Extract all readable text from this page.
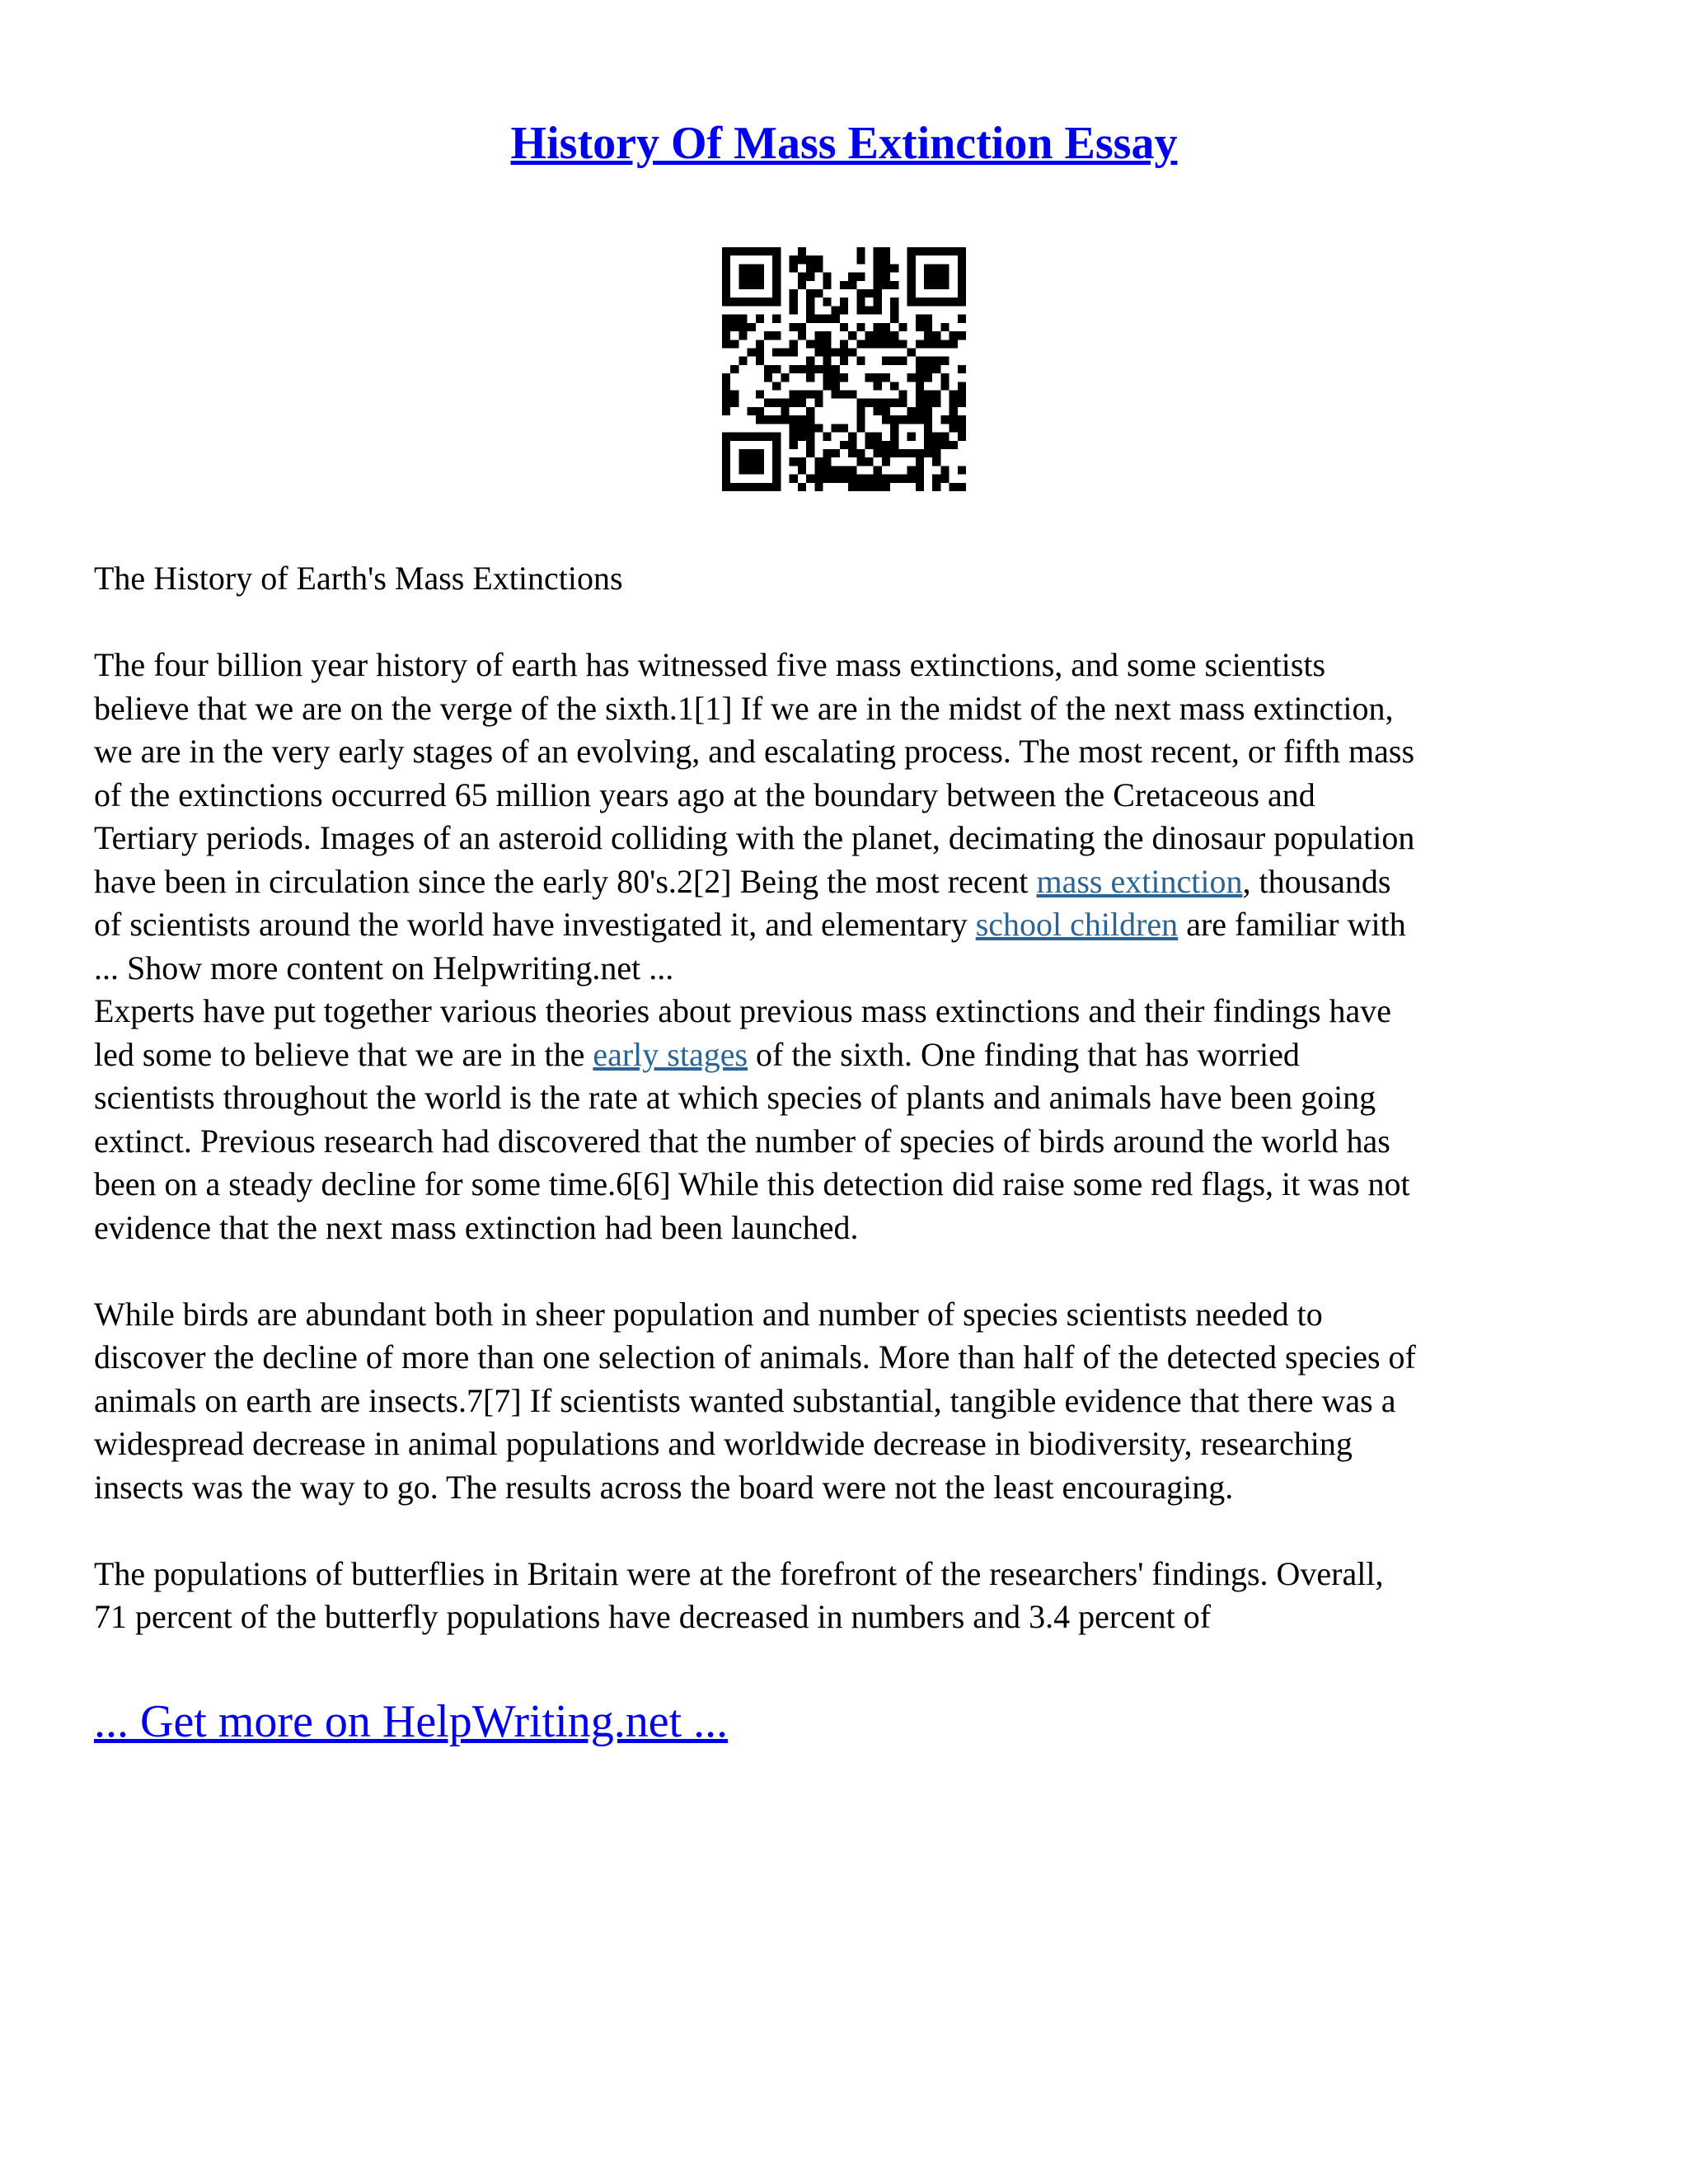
History Of Mass Extinction Essay

The History of Earth's Mass Extinctions

The four billion year history of earth has witnessed five mass extinctions, and some scientists

believe that we are on the verge of the sixth.1[1] If we are in the midst of the next mass extinction,

we are in the very early stages of an evolving, and escalating process. The most recent, or fifth mass

of the extinctions occurred 65 million years ago at the boundary between the Cretaceous and

Tertiary periods. Images of an asteroid colliding with the planet, decimating the dinosaur population

have been in circulation since the early 80's.2[2] Being the most recent mass extinction, thousands

of scientists around the world have investigated it, and elementary school children are familiar with

... Show more content on Helpwriting.net ...

Experts have put together various theories about previous mass extinctions and their findings have

led some to believe that we are in the early stages of the sixth. One finding that has worried

scientists throughout the world is the rate at which species of plants and animals have been going

extinct. Previous research had discovered that the number of species of birds around the world has

been on a steady decline for some time.6[6] While this detection did raise some red flags, it was not

evidence that the next mass extinction had been launched.

While birds are abundant both in sheer population and number of species scientists needed to

discover the decline of more than one selection of animals. More than half of the detected species of

animals on earth are insects.7[7] If scientists wanted substantial, tangible evidence that there was a

widespread decrease in animal populations and worldwide decrease in biodiversity, researching

insects was the way to go. The results across the board were not the least encouraging.

The populations of butterflies in Britain were at the forefront of the researchers' findings. Overall,

71 percent of the butterfly populations have decreased in numbers and 3.4 percent of

... Get more on HelpWriting.net ...
